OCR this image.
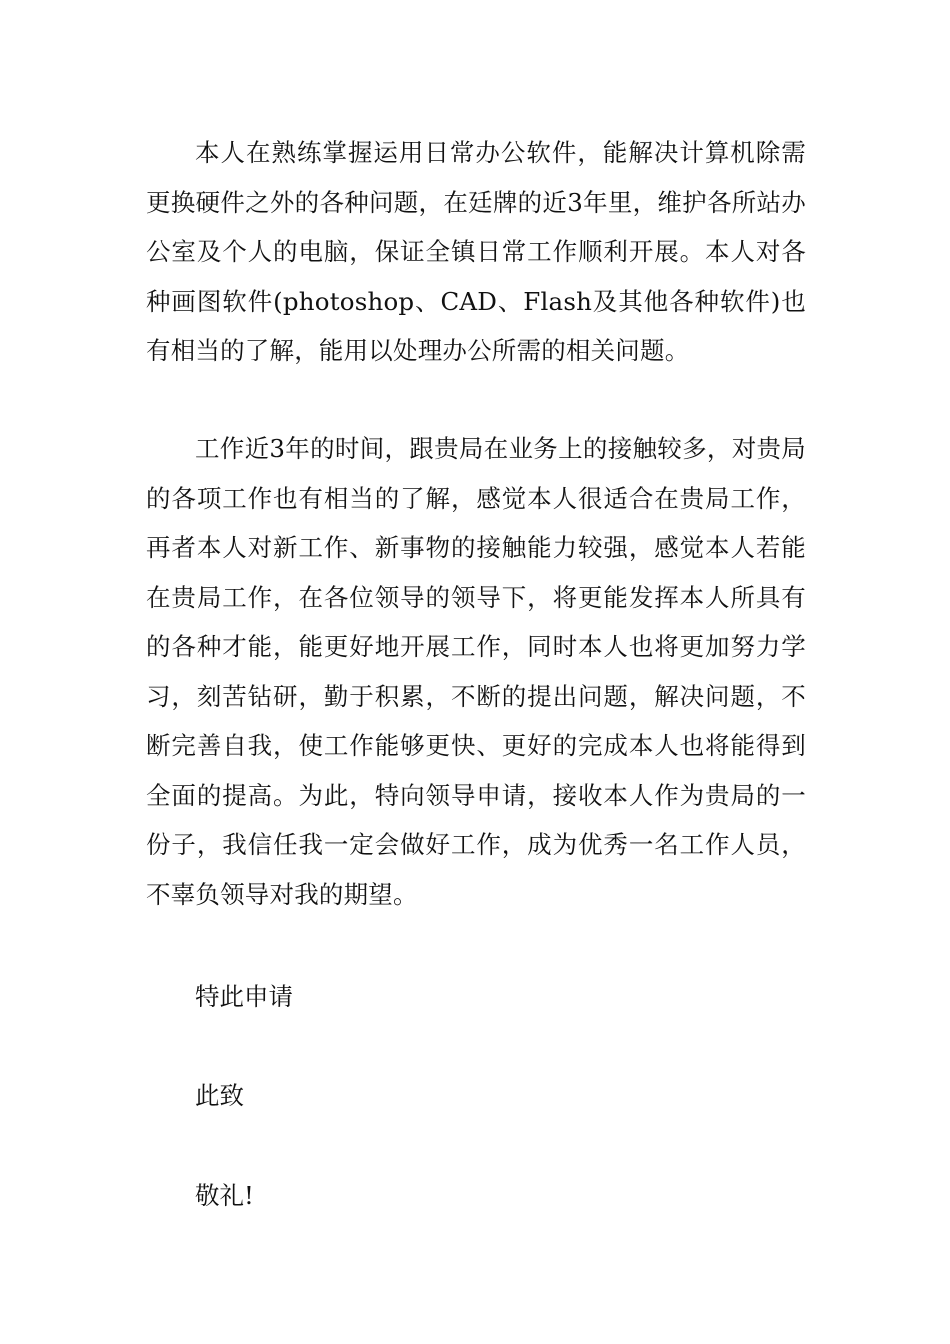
本人在熟练掌握运用日常办公软件，能解决计算机除需更换硬件之外的各种问题，在廷牌的近3年里，维护各所站办公室及个人的电脑，保证全镇日常工作顺利开展。本人对各种画图软件(photoshop、CAD、Flash及其他各种软件)也有相当的了解，能用以处理办公所需的相关问题。

工作近3年的时间，跟贵局在业务上的接触较多，对贵局的各项工作也有相当的了解，感觉本人很适合在贵局工作，再者本人对新工作、新事物的接触能力较强，感觉本人若能在贵局工作，在各位领导的领导下，将更能发挥本人所具有的各种才能，能更好地开展工作，同时本人也将更加努力学习，刻苦钻研，勤于积累，不断的提出问题，解决问题，不断完善自我，使工作能够更快、更好的完成本人也将能得到全面的提高。为此，特向领导申请，接收本人作为贵局的一份子，我信任我一定会做好工作，成为优秀一名工作人员，不辜负领导对我的期望。

特此申请

此致

敬礼!
